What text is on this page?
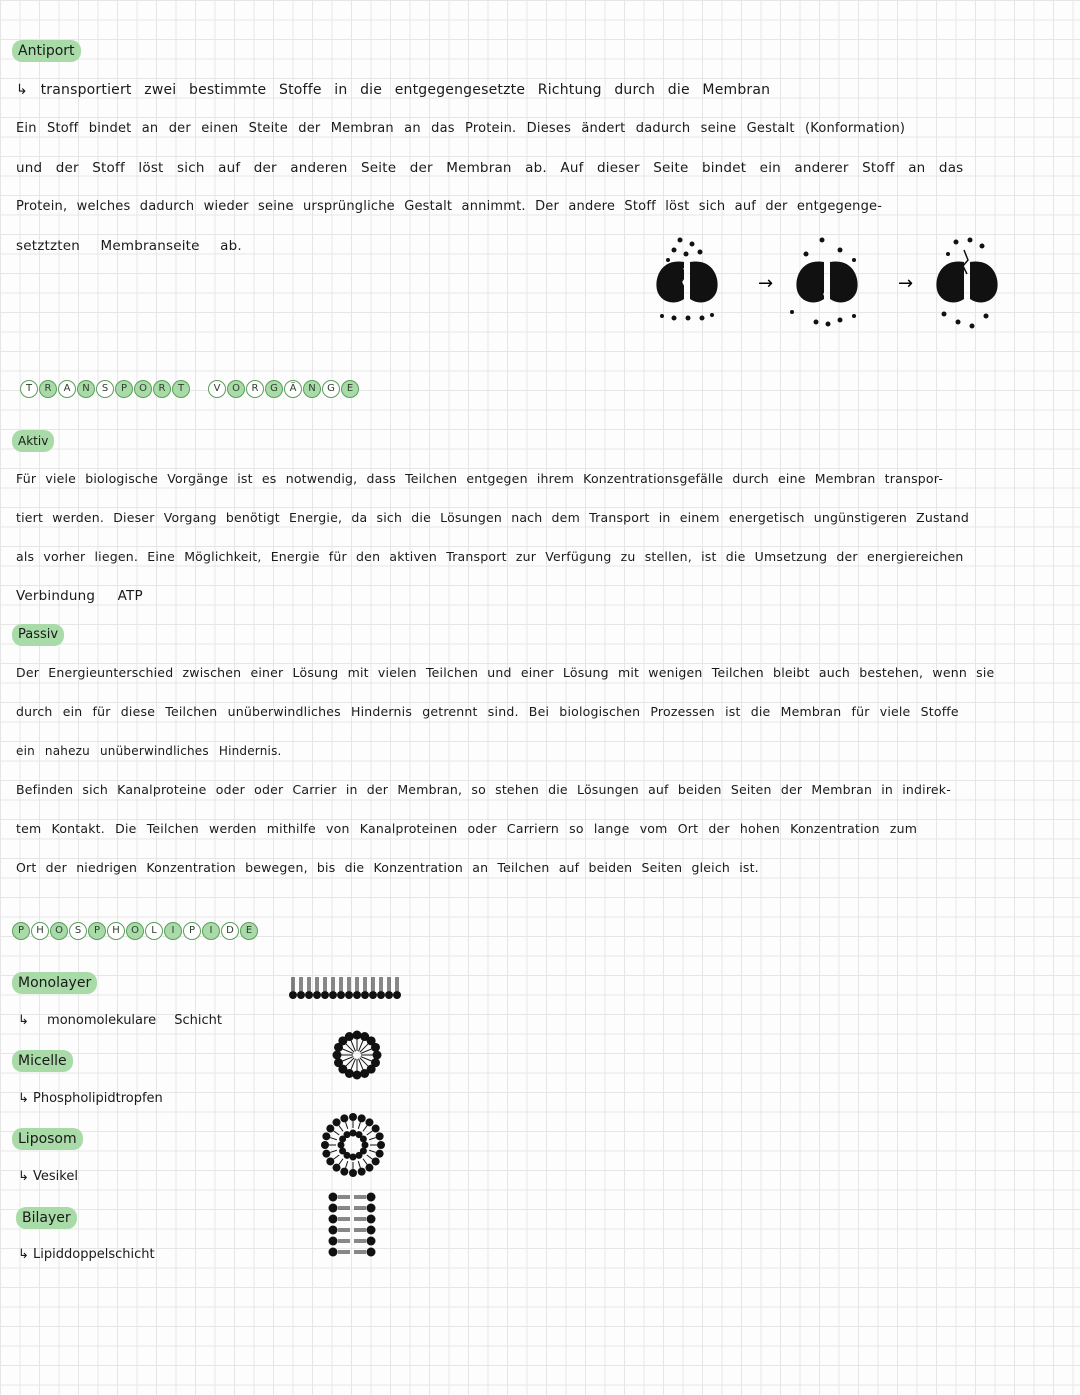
Antiport
↳ transportiert zwei bestimmte Stoffe in die entgegengesetzte Richtung durch die Membran
Ein Stoff bindet an der einen Steite der Membran an das Protein. Dieses ändert dadurch seine Gestalt (Konformation)
und der Stoff löst sich auf der anderen Seite der Membran ab. Auf dieser Seite bindet ein anderer Stoff an das
Protein, welches dadurch wieder seine ursprüngliche Gestalt annimmt. Der andere Stoff löst sich auf der entgegenge-
setztzten Membranseite ab.
→	→
T	R	A	N	S	P	O	R	T	V	O	R	G	Ä	N	G	E
Aktiv
Für viele biologische Vorgänge ist es notwendig, dass Teilchen entgegen ihrem Konzentrationsgefälle durch eine Membran transpor-
tiert werden. Dieser Vorgang benötigt Energie, da sich die Lösungen nach dem Transport in einem energetisch ungünstigeren Zustand
als vorher liegen. Eine Möglichkeit, Energie für den aktiven Transport zur Verfügung zu stellen, ist die Umsetzung der energiereichen
Verbindung ATP
Passiv
Der Energieunterschied zwischen einer Lösung mit vielen Teilchen und einer Lösung mit wenigen Teilchen bleibt auch bestehen, wenn sie
durch ein für diese Teilchen unüberwindliches Hindernis getrennt sind. Bei biologischen Prozessen ist die Membran für viele Stoffe
ein nahezu unüberwindliches Hindernis.
Befinden sich Kanalproteine oder oder Carrier in der Membran, so stehen die Lösungen auf beiden Seiten der Membran in indirek-
tem Kontakt. Die Teilchen werden mithilfe von Kanalproteinen oder Carriern so lange vom Ort der hohen Konzentration zum
Ort der niedrigen Konzentration bewegen, bis die Konzentration an Teilchen auf beiden Seiten gleich ist.
P	H	O	S	P	H	O	L	I	P	I	D	E
Monolayer
↳ monomolekulare Schicht
Micelle
↳ Phospholipidtropfen
Liposom
↳ Vesikel
Bilayer
↳ Lipiddoppelschicht
